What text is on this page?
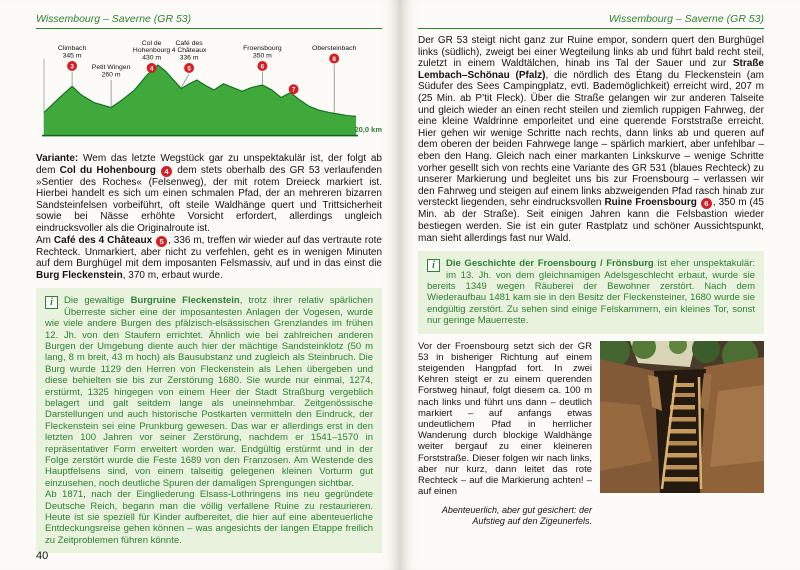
Wissembourg – Saverne (GR 53)
20,0 km
Climbach
345 m
3	Petit Wingen
260 m
Col de
Hohenbourg
430 m
4
Café des
4 Châteaux
336 m
5
Froensbourg
350 m
6
Obersteinbach
8
7

Variante: Wem das letzte Wegstück gar zu unspektakulär ist, der folgt ab dem Col du Hohenbourg 4 dem stets oberhalb des GR 53 verlaufenden »Sentier des Roches« (Felsenweg), der mit rotem Dreieck markiert ist. Hierbei handelt es sich um einen schmalen Pfad, der an mehreren bizarren Sandsteinfelsen vorbeiführt, oft steile Waldhänge quert und Trittsicherheit sowie bei Nässe erhöhte Vorsicht erfordert, allerdings ungleich eindrucksvoller als die Originalroute ist.

Am Café des 4 Châteaux 5 , 336 m, treffen wir wieder auf das vertraute rote Rechteck. Unmarkiert, aber nicht zu verfehlen, geht es in wenigen Minuten auf dem Burghügel mit dem imposanten Felsmassiv, auf und in das einst die Burg Fleckenstein, 370 m, erbaut wurde.

i	Die gewaltige Burgruine Fleckenstein, trotz ihrer relativ spärlichen Überreste sicher eine der imposantesten Anlagen der Vogesen, wurde wie viele andere Burgen des pfälzisch-elsässischen Grenzlandes im frühen 12. Jh. von den Staufern errichtet. Ähnlich wie bei zahlreichen anderen Burgen der Umgebung diente auch hier der mächtige Sandsteinklotz (50 m lang, 8 m breit, 43 m hoch) als Bausubstanz und zugleich als Steinbruch. Die Burg wurde 1129 den Herren von Fleckenstein als Lehen übergeben und diese behielten sie bis zur Zerstörung 1680. Sie wurde nur einmal, 1274, erstürmt, 1325 hingegen von einem Heer der Stadt Straßburg vergeblich belagert und galt seitdem lange als uneinnehmbar. Zeitgenössische Darstellungen und auch historische Postkarten vermitteln den Eindruck, der Fleckenstein sei eine Prunkburg gewesen. Das war er allerdings erst in den letzten 100 Jahren vor seiner Zerstörung, nachdem er 1541–1570 in repräsentativer Form erweitert worden war. Endgültig erstürmt und in der Folge zerstört wurde die Feste 1689 von den Franzosen. Am Westende des Hauptfelsens sind, von einem talseitig gelegenen kleinen Vorturm gut einzusehen, noch deutliche Spuren der damaligen Sprengungen sichtbar.

Ab 1871, nach der Eingliederung Elsass-Lothringens ins neu gegründete Deutsche Reich, begann man die völlig verfallene Ruine zu restaurieren. Heute ist sie speziell für Kinder aufbereitet, die hier auf eine abenteuerliche Entdeckungsreise gehen können – was angesichts der langen Etappe freilich zu Zeitproblemen führen könnte.

40
Wissembourg – Saverne (GR 53)

Der GR 53 steigt nicht ganz zur Ruine empor, sondern quert den Burghügel links (südlich), zweigt bei einer Wegteilung links ab und führt bald recht steil, zuletzt in einem Waldtälchen, hinab ins Tal der Sauer und zur Straße Lembach–Schönau (Pfalz), die nördlich des Étang du Fleckenstein (am Südufer des Sees Campingplatz, evtl. Bademöglichkeit) erreicht wird, 207 m (25 Min. ab P’tit Fleck). Über die Straße gelangen wir zur anderen Talseite und gleich wieder an einen recht steilen und ziemlich ruppigen Fahrweg, der eine kleine Waldrinne emporleitet und eine querende Forststraße erreicht. Hier gehen wir wenige Schritte nach rechts, dann links ab und queren auf dem oberen der beiden Fahrwege lange – spärlich markiert, aber unfehlbar – eben den Hang. Gleich nach einer markanten Linkskurve – wenige Schritte vorher gesellt sich von rechts eine Variante des GR 531 (blaues Rechteck) zu unserer Markierung und begleitet uns bis zur Froensbourg – verlassen wir den Fahrweg und steigen auf einem links abzweigenden Pfad rasch hinab zur versteckt liegenden, sehr eindrucksvollen Ruine Froensbourg 6 , 350 m (45 Min. ab der Straße). Seit einigen Jahren kann die Felsbastion wieder bestiegen werden. Sie ist ein guter Rastplatz und schöner Aussichtspunkt, man sieht allerdings fast nur Wald.

i	Die Geschichte der Froensbourg / Frönsburg ist eher unspektakulär: im 13. Jh. von dem gleichnamigen Adelsgeschlecht erbaut, wurde sie bereits 1349 wegen Räuberei der Bewohner zerstört. Nach dem Wiederaufbau 1481 kam sie in den Besitz der Fleckensteiner, 1680 wurde sie endgültig zerstört. Zu sehen sind einige Felskammern, ein kleines Tor, sonst nur geringe Mauerreste.

Vor der Froensbourg setzt sich der GR 53 in bisheriger Richtung auf einem steigenden Hangpfad fort. In zwei Kehren steigt er zu einem querenden Forstweg hinauf, folgt diesem ca. 100 m nach links und führt uns dann – deutlich markiert – auf anfangs etwas undeutlichem Pfad in herrlicher Wanderung durch blockige Waldhänge weiter bergauf zu einer kleineren Forststraße. Dieser folgen wir nach links, aber nur kurz, dann leitet das rote Rechteck – auf die Markierung achten! – auf einen

Abenteuerlich, aber gut gesichert: der Aufstieg auf den Zigeunerfels.
